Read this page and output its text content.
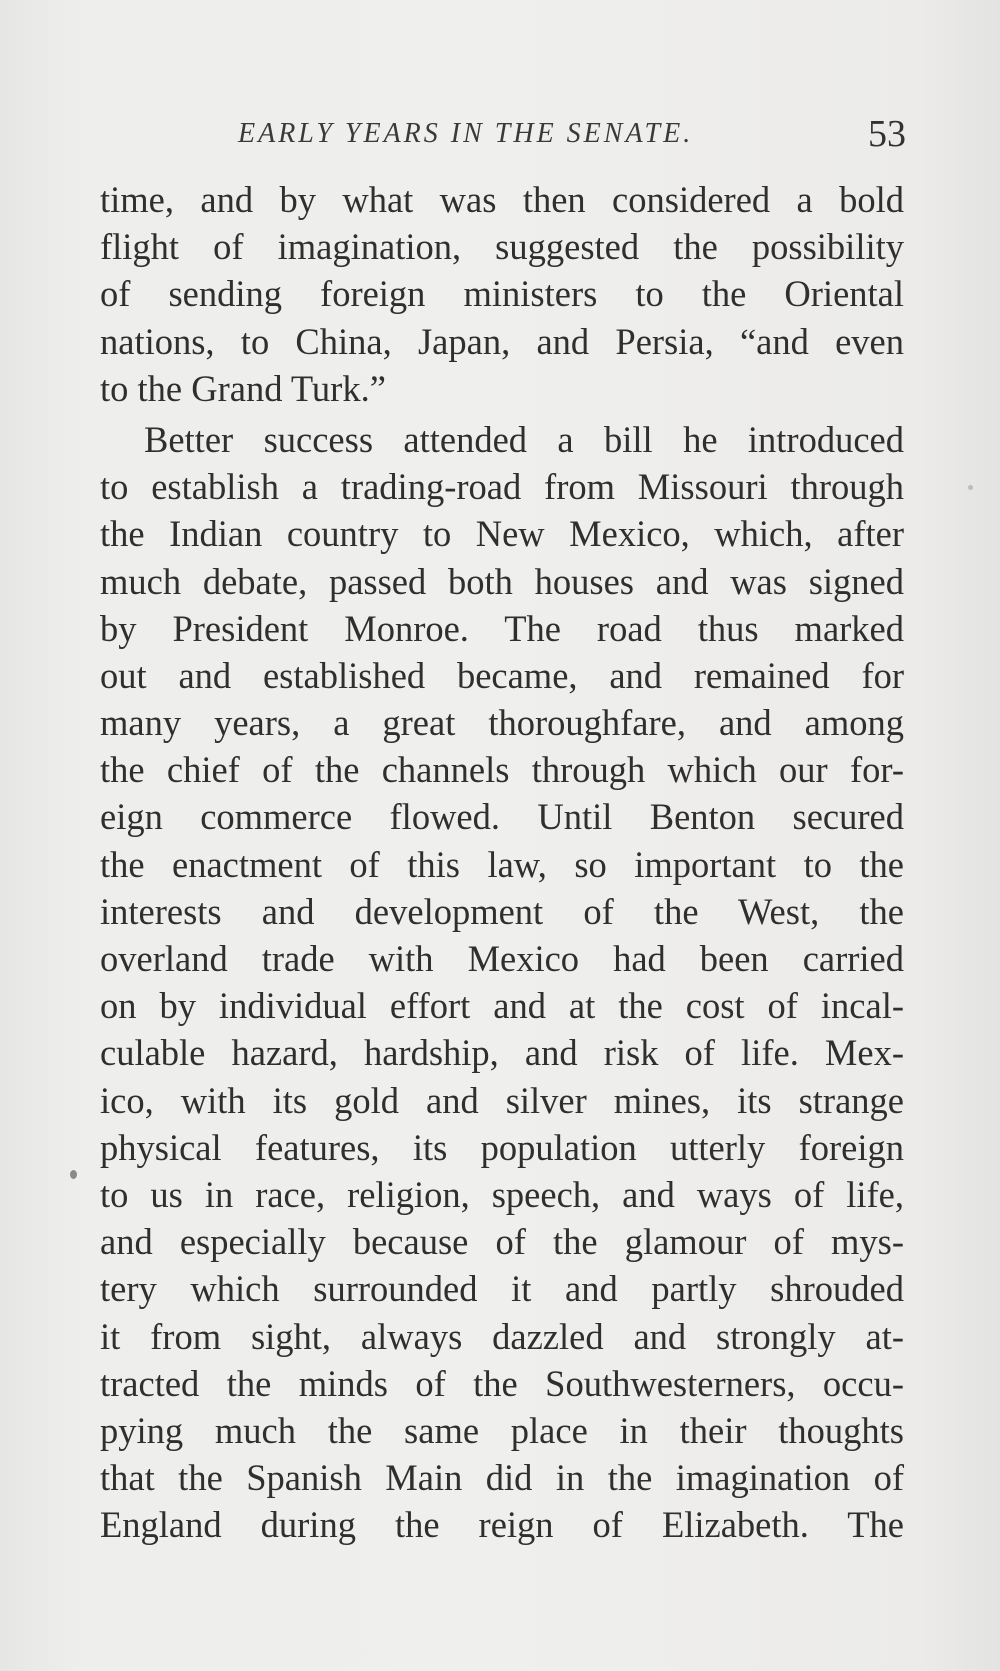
EARLY YEARS IN THE SENATE.	53
time, and by what was then considered a bold
flight of imagination, suggested the possibility
of sending foreign ministers to the Oriental
nations, to China, Japan, and Persia, “and even
to the Grand Turk.”
Better success attended a bill he introduced
to establish a trading-road from Missouri through
the Indian country to New Mexico, which, after
much debate, passed both houses and was signed
by President Monroe. The road thus marked
out and established became, and remained for
many years, a great thoroughfare, and among
the chief of the channels through which our for-
eign commerce flowed. Until Benton secured
the enactment of this law, so important to the
interests and development of the West, the
overland trade with Mexico had been carried
on by individual effort and at the cost of incal-
culable hazard, hardship, and risk of life. Mex-
ico, with its gold and silver mines, its strange
physical features, its population utterly foreign
to us in race, religion, speech, and ways of life,
and especially because of the glamour of mys-
tery which surrounded it and partly shrouded
it from sight, always dazzled and strongly at-
tracted the minds of the Southwesterners, occu-
pying much the same place in their thoughts
that the Spanish Main did in the imagination of
England during the reign of Elizabeth. The
